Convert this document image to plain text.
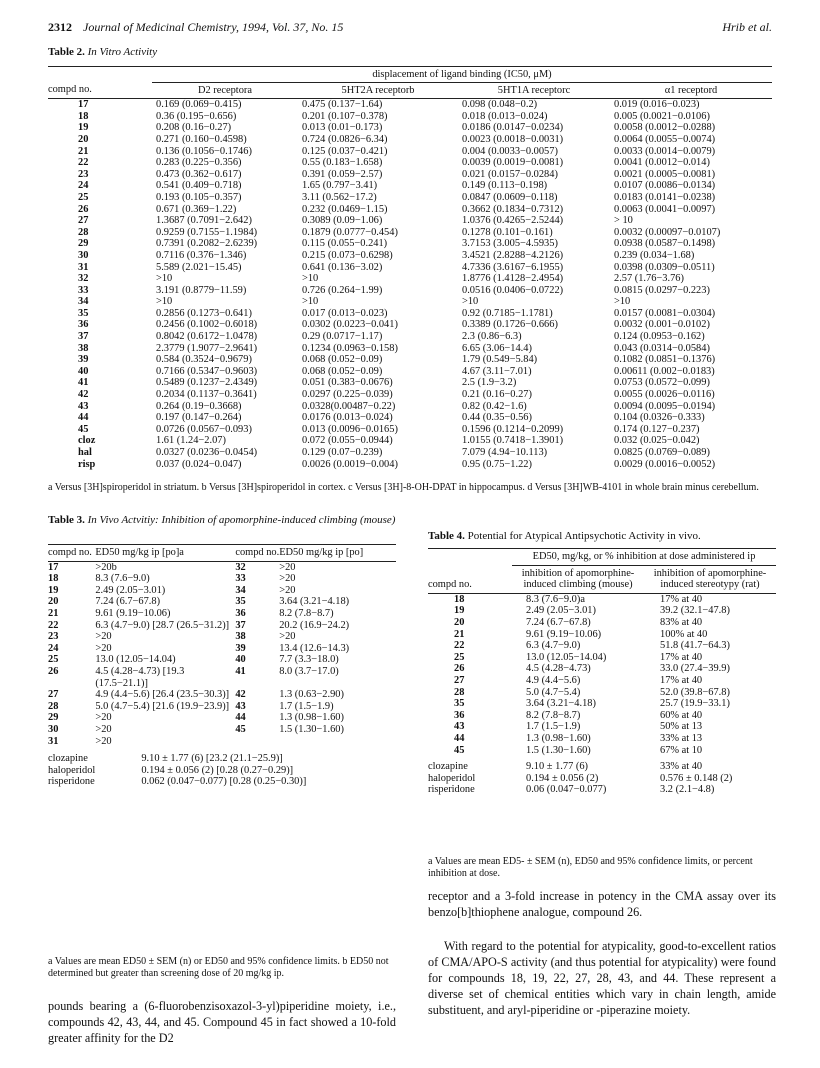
2312 Journal of Medicinal Chemistry, 1994, Vol. 37, No. 15	Hrib et al.
Table 2. In Vitro Activity
	displacement of ligand binding (IC50, μM)			
compd no.	D2 receptora	5HT2A receptorb	5HT1A receptorc	α1 receptord
17	0.169 (0.069−0.415)	0.475 (0.137−1.64)	0.098 (0.048−0.2)	0.019 (0.016−0.023)
18	0.36 (0.195−0.656)	0.201 (0.107−0.378)	0.018 (0.013−0.024)	0.005 (0.0021−0.0106)
19	0.208 (0.16−0.27)	0.013 (0.01−0.173)	0.0186 (0.0147−0.0234)	0.0058 (0.0012−0.0288)
20	0.271 (0.160−0.4598)	0.724 (0.0826−6.34)	0.0023 (0.0018−0.0031)	0.0064 (0.0055−0.0074)
21	0.136 (0.1056−0.1746)	0.125 (0.037−0.421)	0.004 (0.0033−0.0057)	0.0033 (0.0014−0.0079)
22	0.283 (0.225−0.356)	0.55 (0.183−1.658)	0.0039 (0.0019−0.0081)	0.0041 (0.0012−0.014)
23	0.473 (0.362−0.617)	0.391 (0.059−2.57)	0.021 (0.0157−0.0284)	0.0021 (0.0005−0.0081)
24	0.541 (0.409−0.718)	1.65 (0.797−3.41)	0.149 (0.113−0.198)	0.0107 (0.0086−0.0134)
25	0.193 (0.105−0.357)	3.11 (0.562−17.2)	0.0847 (0.0609−0.118)	0.0183 (0.0141−0.0238)
26	0.671 (0.369−1.22)	0.232 (0.0469−1.15)	0.3662 (0.1834−0.7312)	0.0063 (0.0041−0.0097)
27	1.3687 (0.7091−2.642)	0.3089 (0.09−1.06)	1.0376 (0.4265−2.5244)	> 10
28	0.9259 (0.7155−1.1984)	0.1879 (0.0777−0.454)	0.1278 (0.101−0.161)	0.0032 (0.00097−0.0107)
29	0.7391 (0.2082−2.6239)	0.115 (0.055−0.241)	3.7153 (3.005−4.5935)	0.0938 (0.0587−0.1498)
30	0.7116 (0.376−1.346)	0.215 (0.073−0.6298)	3.4521 (2.8288−4.2126)	0.239 (0.034−1.68)
31	5.589 (2.021−15.45)	0.641 (0.136−3.02)	4.7336 (3.6167−6.1955)	0.0398 (0.0309−0.0511)
32	>10	>10	1.8776 (1.4128−2.4954)	2.57 (1.76−3.76)
33	3.191 (0.8779−11.59)	0.726 (0.264−1.99)	0.0516 (0.0406−0.0722)	0.0815 (0.0297−0.223)
34	>10	>10	>10	>10
35	0.2856 (0.1273−0.641)	0.017 (0.013−0.023)	0.92 (0.7185−1.1781)	0.0157 (0.0081−0.0304)
36	0.2456 (0.1002−0.6018)	0.0302 (0.0223−0.041)	0.3389 (0.1726−0.666)	0.0032 (0.001−0.0102)
37	0.8042 (0.6172−1.0478)	0.29 (0.0717−1.17)	2.3 (0.86−6.3)	0.124 (0.0953−0.162)
38	2.3779 (1.9077−2.9641)	0.1234 (0.0963−0.158)	6.65 (3.06−14.4)	0.043 (0.0314−0.0584)
39	0.584 (0.3524−0.9679)	0.068 (0.052−0.09)	1.79 (0.549−5.84)	0.1082 (0.0851−0.1376)
40	0.7166 (0.5347−0.9603)	0.068 (0.052−0.09)	4.67 (3.11−7.01)	0.00611 (0.002−0.0183)
41	0.5489 (0.1237−2.4349)	0.051 (0.383−0.0676)	2.5 (1.9−3.2)	0.0753 (0.0572−0.099)
42	0.2034 (0.1137−0.3641)	0.0297 (0.225−0.039)	0.21 (0.16−0.27)	0.0055 (0.0026−0.0116)
43	0.264 (0.19−0.3668)	0.0328(0.00487−0.22)	0.82 (0.42−1.6)	0.0094 (0.0095−0.0194)
44	0.197 (0.147−0.264)	0.0176 (0.013−0.024)	0.44 (0.35−0.56)	0.104 (0.0326−0.333)
45	0.0726 (0.0567−0.093)	0.013 (0.0096−0.0165)	0.1596 (0.1214−0.2099)	0.174 (0.127−0.237)
cloz	1.61 (1.24−2.07)	0.072 (0.055−0.0944)	1.0155 (0.7418−1.3901)	0.032 (0.025−0.042)
hal	0.0327 (0.0236−0.0454)	0.129 (0.07−0.239)	7.079 (4.94−10.113)	0.0825 (0.0769−0.089)
risp	0.037 (0.024−0.047)	0.0026 (0.0019−0.004)	0.95 (0.75−1.22)	0.0029 (0.0016−0.0052)
a Versus [3H]spiroperidol in striatum. b Versus [3H]spiroperidol in cortex. c Versus [3H]-8-OH-DPAT in hippocampus. d Versus [3H]WB-4101 in whole brain minus cerebellum.
Table 3. In Vivo Actvitiy: Inhibition of apomorphine-induced climbing (mouse)
compd no.	ED50 mg/kg ip [po]a	compd no.	ED50 mg/kg ip [po]
17	>20b	32	>20
18	8.3 (7.6−9.0)	33	>20
19	2.49 (2.05−3.01)	34	>20
20	7.24 (6.7−67.8)	35	3.64 (3.21−4.18)
21	9.61 (9.19−10.06)	36	8.2 (7.8−8.7)
22	6.3 (4.7−9.0) [28.7 (26.5−31.2)]	37	20.2 (16.9−24.2)
23	>20	38	>20
24	>20	39	13.4 (12.6−14.3)
25	13.0 (12.05−14.04)	40	7.7 (3.3−18.0)
26	4.5 (4.28−4.73) [19.3 (17.5−21.1)]	41	8.0 (3.7−17.0)
27	4.9 (4.4−5.6) [26.4 (23.5−30.3)]	42	1.3 (0.63−2.90)
28	5.0 (4.7−5.4) [21.6 (19.9−23.9)]	43	1.7 (1.5−1.9)
29	>20	44	1.3 (0.98−1.60)
30	>20	45	1.5 (1.30−1.60)
31	>20		
clozapine	9.10 ± 1.77 (6) [23.2 (21.1−25.9)]		
haloperidol	0.194 ± 0.056 (2) [0.28 (0.27−0.29)]		
risperidone	0.062 (0.047−0.077) [0.28 (0.25−0.30)]		
Table 4. Potential for Atypical Antipsychotic Activity in vivo.
	ED50, mg/kg, or % inhibition at dose administered ip	
compd no.	inhibition of apomorphine-induced climbing (mouse)	inhibition of apomorphine-induced stereotypy (rat)
18	8.3 (7.6−9.0)a	17% at 40
19	2.49 (2.05−3.01)	39.2 (32.1−47.8)
20	7.24 (6.7−67.8)	83% at 40
21	9.61 (9.19−10.06)	100% at 40
22	6.3 (4.7−9.0)	51.8 (41.7−64.3)
25	13.0 (12.05−14.04)	17% at 40
26	4.5 (4.28−4.73)	33.0 (27.4−39.9)
27	4.9 (4.4−5.6)	17% at 40
28	5.0 (4.7−5.4)	52.0 (39.8−67.8)
35	3.64 (3.21−4.18)	25.7 (19.9−33.1)
36	8.2 (7.8−8.7)	60% at 40
43	1.7 (1.5−1.9)	50% at 13
44	1.3 (0.98−1.60)	33% at 13
45	1.5 (1.30−1.60)	67% at 10
clozapine	9.10 ± 1.77 (6)	33% at 40
haloperidol	0.194 ± 0.056 (2)	0.576 ± 0.148 (2)
risperidone	0.06 (0.047−0.077)	3.2 (2.1−4.8)
a Values are mean ED5- ± SEM (n), ED50 and 95% confidence limits, or percent inhibition at dose.
a Values are mean ED50 ± SEM (n) or ED50 and 95% confidence limits. b ED50 not determined but greater than screening dose of 20 mg/kg ip.
pounds bearing a (6-fluorobenzisoxazol-3-yl)piperidine moiety, i.e., compounds 42, 43, 44, and 45. Compound 45 in fact showed a 10-fold greater affinity for the D2
receptor and a 3-fold increase in potency in the CMA assay over its benzo[b]thiophene analogue, compound 26.
With regard to the potential for atypicality, good-to-excellent ratios of CMA/APO-S activity (and thus potential for atypicality) were found for compounds 18, 19, 22, 27, 28, 43, and 44. These represent a diverse set of chemical entities which vary in chain length, amide substituent, and aryl-piperidine or -piperazine moiety.
